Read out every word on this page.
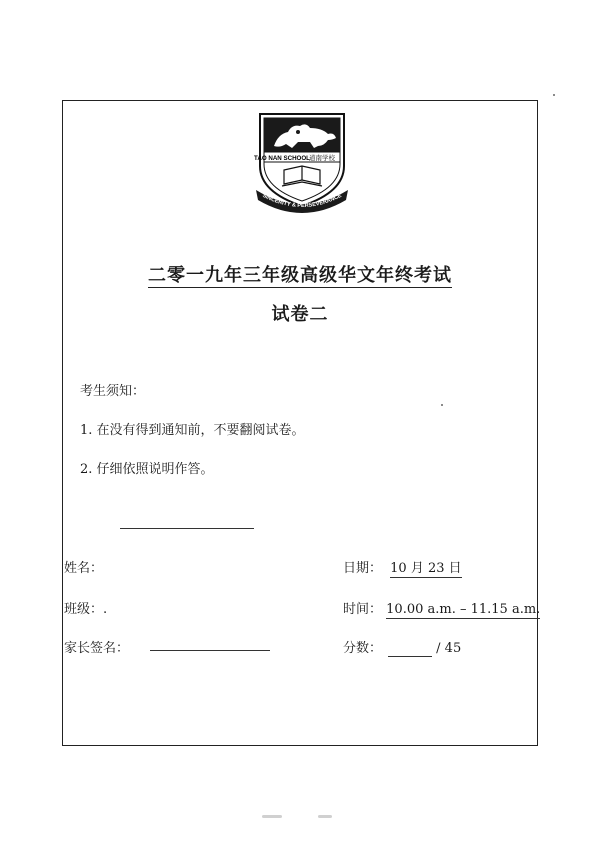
TAO NAN SCHOOL 道南学校
SINCERITY & PERSEVERANCE
二零一九年三年级高级华文年终考试
试卷二
考生须知：
1. 在没有得到通知前，不要翻阅试卷。
2. 仔细依照说明作答。
姓名：
班级：.
家长签名：
日期： 10 月 23 日
时间： 10.00 a.m. – 11.15 a.m.
分数：	/ 45
